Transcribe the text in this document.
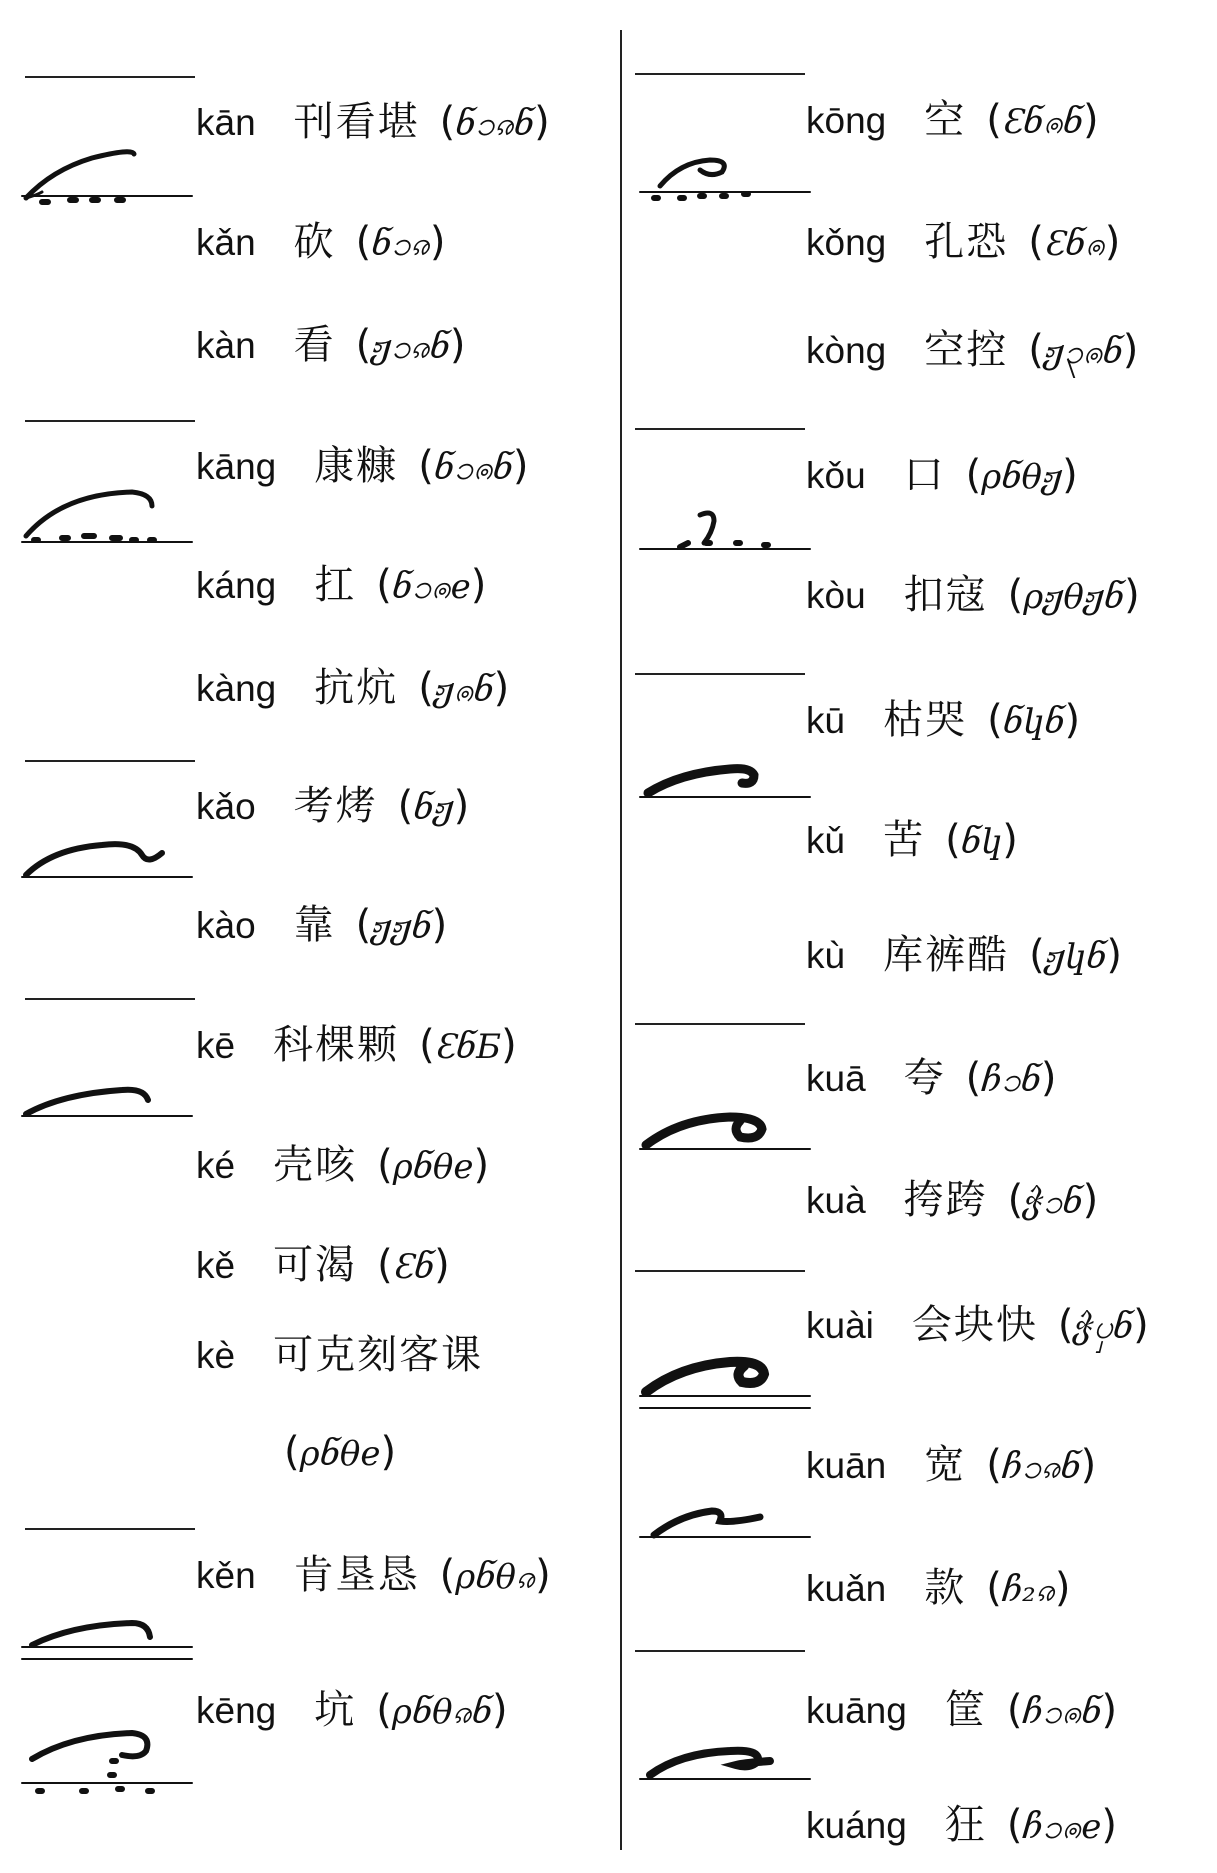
kān 刊看堪 (ნ၁ၷნ)
kǎn 砍 (ნ၁ၷ)
kàn 看 (ჟ၁ၷნ)
kāng 康糠 (ნ၁ၐნ)
káng 扛 (ნ၁ၐe)
kàng 抗炕 (ჟၐნ)
kǎo 考烤 (ნჟ)
kào 靠 (ჟჟნ)
kē 科棵颗 (ƐნƂ)
ké 壳咳 (ρნθe)
kě 可渴 (Ɛნ)
kè 可克刻客课
(ρნθe)
kěn 肯垦恳 (ρნθၷ)
kēng 坑 (ρნθၷნ)
kōng 空 (Ɛნၐნ)
kǒng 孔恐 (Ɛნၐ)
kòng 空控 (ჟ၃ၐნ)
kǒu 口 (ρნθჟ)
kòu 扣寇 (ρჟθჟნ)
kū 枯哭 (ნկნ)
kǔ 苦 (ნկ)
kù 库裤酷 (ჟկნ)
kuā 夸 (ჩ၁ნ)
kuà 挎跨 (ჭ၁ნ)
kuài 会块快 (ჭၦნ)
kuān 宽 (ჩ၁ၷნ)
kuǎn 款 (ჩ₂ၷ)
kuāng 筐 (ჩ၁ၐნ)
kuáng 狂 (ჩ၁ၐe)
